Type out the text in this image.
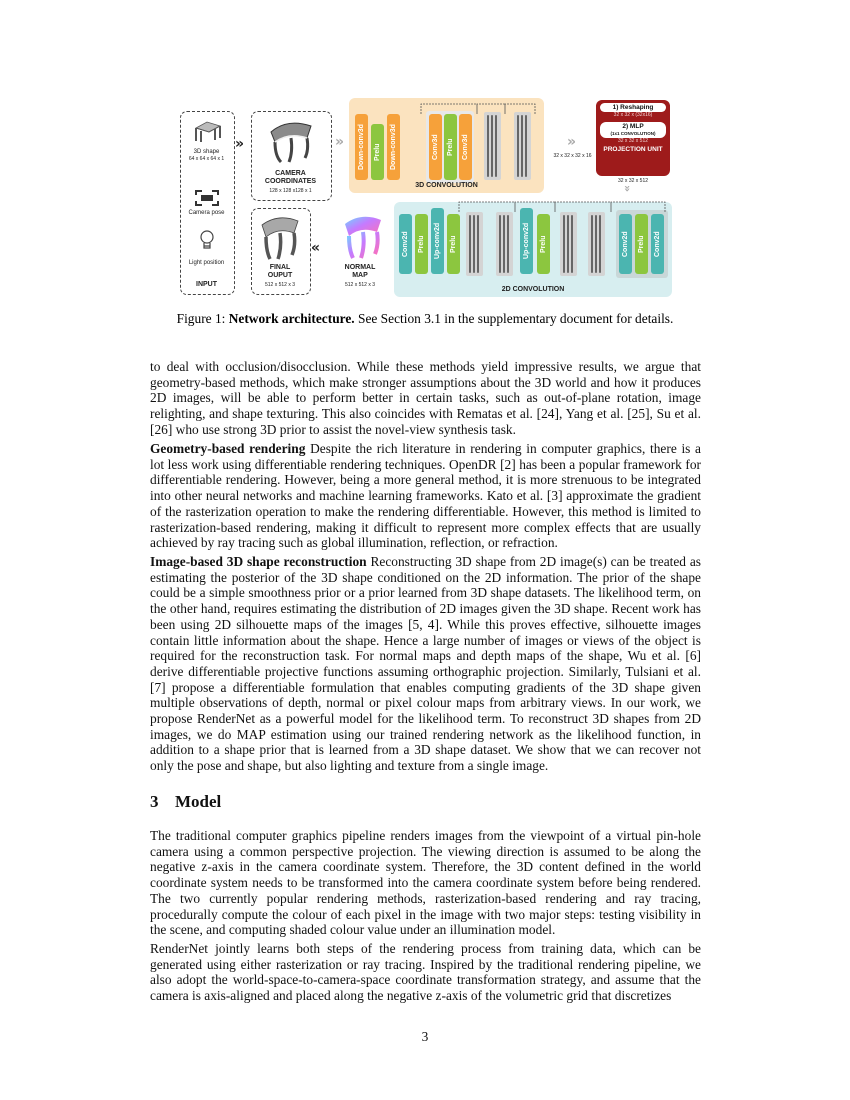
3D shape
64 x 64 x 64 x 1
Camera pose
Light position
INPUT
»
CAMERA
COORDINATES
128 x 128 x128 x 1
»	Down-conv3d	Prelu	Down-conv3d	Conv3d	Prelu	Conv3d
3D CONVOLUTION
32 x 32 x 32 x 16
»
1) Reshaping
32 x 32 x (32x16)
2) MLP
(1x1 CONVOLUTION)
32 x 32 x 512
PROJECTION UNIT
32 x 32 x 512
»
Conv2d	Prelu	Up-conv2d	Prelu	Up-conv2d	Prelu	Conv2d	Prelu	Conv2d
2D CONVOLUTION
NORMAL
MAP
512 x 512 x 3
«
FINAL
OUPUT
512 x 512 x 3
Figure 1: Network architecture. See Section 3.1 in the supplementary document for details.
to deal with occlusion/disocclusion. While these methods yield impressive results, we argue that geometry-based methods, which make stronger assumptions about the 3D world and how it produces 2D images, will be able to perform better in certain tasks, such as out-of-plane rotation, image relighting, and shape texturing. This also coincides with Rematas et al. [24], Yang et al. [25], Su et al. [26] who use strong 3D prior to assist the novel-view synthesis task.
Geometry-based rendering Despite the rich literature in rendering in computer graphics, there is a lot less work using differentiable rendering techniques. OpenDR [2] has been a popular framework for differentiable rendering. However, being a more general method, it is more strenuous to be integrated into other neural networks and machine learning frameworks. Kato et al. [3] approximate the gradient of the rasterization operation to make the rendering differentiable. However, this method is limited to rasterization-based rendering, making it difficult to represent more complex effects that are usually achieved by ray tracing such as global illumination, reflection, or refraction.
Image-based 3D shape reconstruction Reconstructing 3D shape from 2D image(s) can be treated as estimating the posterior of the 3D shape conditioned on the 2D information. The prior of the shape could be a simple smoothness prior or a prior learned from 3D shape datasets. The likelihood term, on the other hand, requires estimating the distribution of 2D images given the 3D shape. Recent work has been using 2D silhouette maps of the images [5, 4]. While this proves effective, silhouette images contain little information about the shape. Hence a large number of images or views of the object is required for the reconstruction task. For normal maps and depth maps of the shape, Wu et al. [6] derive differentiable projective functions assuming orthographic projection. Similarly, Tulsiani et al. [7] propose a differentiable formulation that enables computing gradients of the 3D shape given multiple observations of depth, normal or pixel colour maps from arbitrary views. In our work, we propose RenderNet as a powerful model for the likelihood term. To reconstruct 3D shapes from 2D images, we do MAP estimation using our trained rendering network as the likelihood function, in addition to a shape prior that is learned from a 3D shape dataset. We show that we can recover not only the pose and shape, but also lighting and texture from a single image.
3 Model
The traditional computer graphics pipeline renders images from the viewpoint of a virtual pin-hole camera using a common perspective projection. The viewing direction is assumed to be along the negative z-axis in the camera coordinate system. Therefore, the 3D content defined in the world coordinate system needs to be transformed into the camera coordinate system before being rendered. The two currently popular rendering methods, rasterization-based rendering and ray tracing, procedurally compute the colour of each pixel in the image with two major steps: testing visibility in the scene, and computing shaded colour value under an illumination model.
RenderNet jointly learns both steps of the rendering process from training data, which can be generated using either rasterization or ray tracing. Inspired by the traditional rendering pipeline, we also adopt the world-space-to-camera-space coordinate transformation strategy, and assume that the camera is axis-aligned and placed along the negative z-axis of the volumetric grid that discretizes
3
